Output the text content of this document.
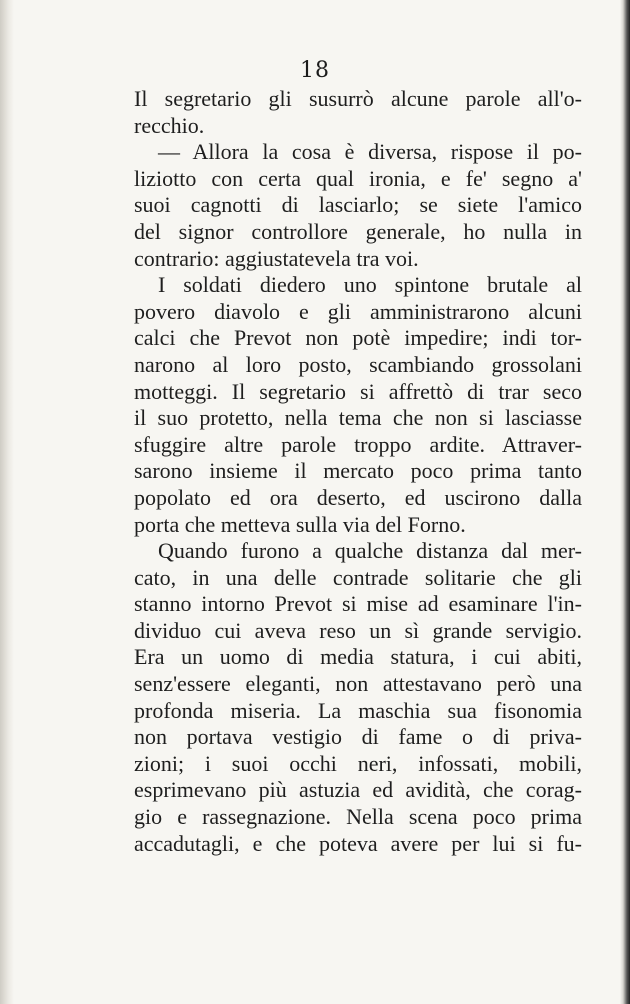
18
Il segretario gli susurrò alcune parole all'o-
recchio.
— Allora la cosa è diversa, rispose il po-
liziotto con certa qual ironia, e fe' segno a'
suoi cagnotti di lasciarlo; se siete l'amico
del signor controllore generale, ho nulla in
contrario: aggiustatevela tra voi.
I soldati diedero uno spintone brutale al
povero diavolo e gli amministrarono alcuni
calci che Prevot non potè impedire; indi tor-
narono al loro posto, scambiando grossolani
motteggi. Il segretario si affrettò di trar seco
il suo protetto, nella tema che non si lasciasse
sfuggire altre parole troppo ardite. Attraver-
sarono insieme il mercato poco prima tanto
popolato ed ora deserto, ed uscirono dalla
porta che metteva sulla via del Forno.
Quando furono a qualche distanza dal mer-
cato, in una delle contrade solitarie che gli
stanno intorno Prevot si mise ad esaminare l'in-
dividuo cui aveva reso un sì grande servigio.
Era un uomo di media statura, i cui abiti,
senz'essere eleganti, non attestavano però una
profonda miseria. La maschia sua fisonomia
non portava vestigio di fame o di priva-
zioni; i suoi occhi neri, infossati, mobili,
esprimevano più astuzia ed avidità, che corag-
gio e rassegnazione. Nella scena poco prima
accadutagli, e che poteva avere per lui si fu-
